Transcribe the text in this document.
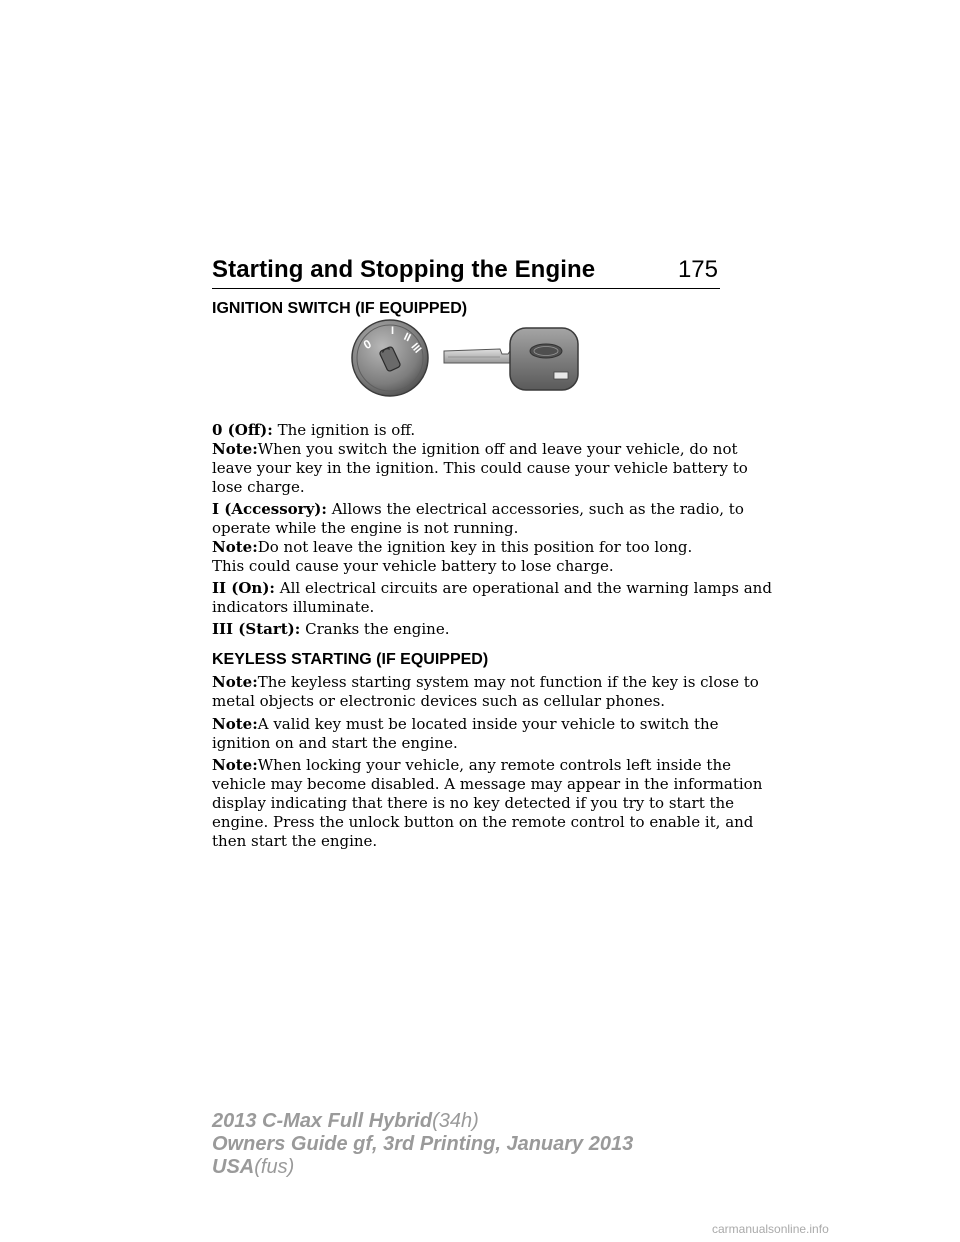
Starting and Stopping the Engine	175
IGNITION SWITCH (IF EQUIPPED)
0
I II
III
0 (Off): The ignition is off.
Note:When you switch the ignition off and leave your vehicle, do not
leave your key in the ignition. This could cause your vehicle battery to
lose charge.
I (Accessory): Allows the electrical accessories, such as the radio, to
operate while the engine is not running.
Note:Do not leave the ignition key in this position for too long.
This could cause your vehicle battery to lose charge.
II (On): All electrical circuits are operational and the warning lamps and
indicators illuminate.
III (Start): Cranks the engine.
KEYLESS STARTING (IF EQUIPPED)
Note:The keyless starting system may not function if the key is close to
metal objects or electronic devices such as cellular phones.
Note:A valid key must be located inside your vehicle to switch the
ignition on and start the engine.
Note:When locking your vehicle, any remote controls left inside the
vehicle may become disabled. A message may appear in the information
display indicating that there is no key detected if you try to start the
engine. Press the unlock button on the remote control to enable it, and
then start the engine.
2013 C-Max Full Hybrid(34h)
Owners Guide gf, 3rd Printing, January 2013
USA(fus)
carmanualsonline.info
